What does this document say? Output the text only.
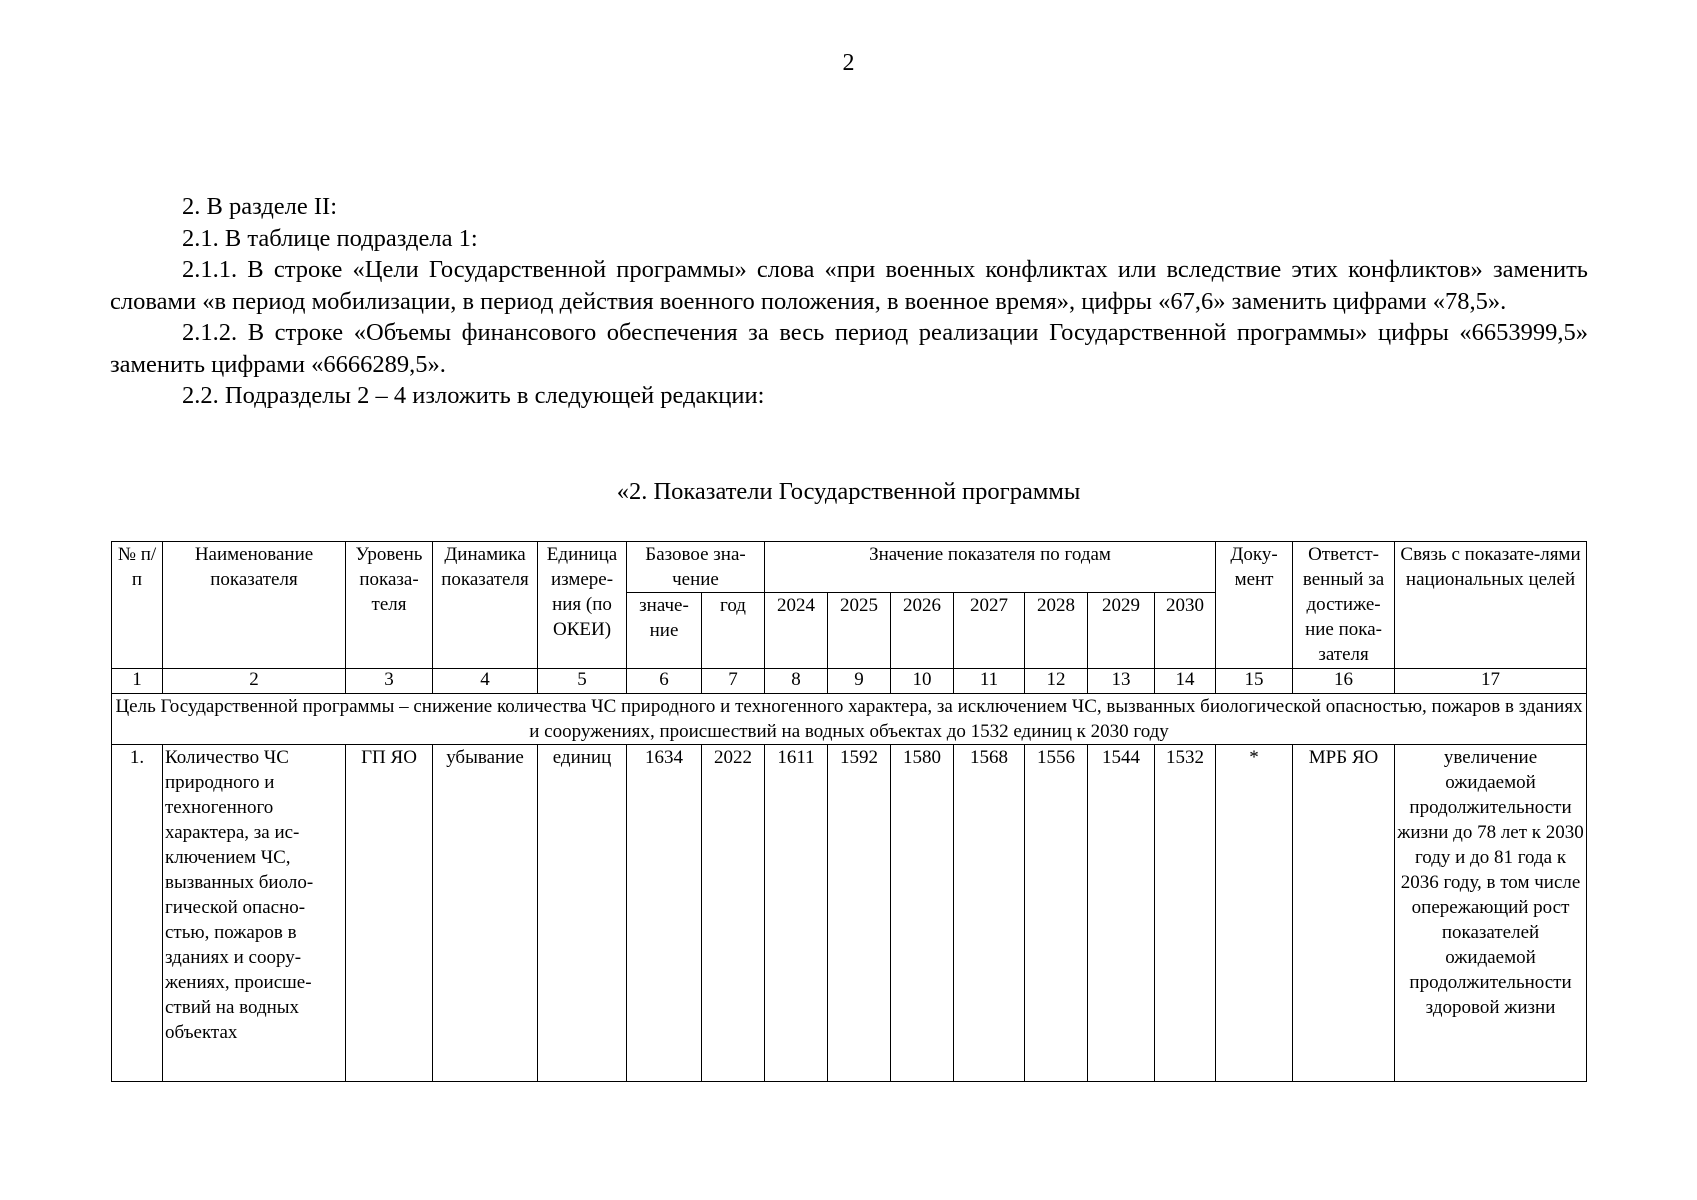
2

2. В разделе II:

2.1. В таблице подраздела 1:

2.1.1. В строке «Цели Государственной программы» слова «при военных конфликтах или вследствие этих конфликтов» заменить словами «в период мобилизации, в период действия военного положения, в военное время», цифры «67,6» заменить цифрами «78,5».

2.1.2. В строке «Объемы финансового обеспечения за весь период реализации Государственной программы» цифры «6653999,5» заменить цифрами «6666289,5».

2.2. Подразделы 2 – 4 изложить в следующей редакции:

«2. Показатели Государственной программы
№ п/п	Наименование показателя	Уровень показа-теля	Динамика показателя	Единица измере-ния (по ОКЕИ)	Базовое зна-чение		Значение показателя по годам							Доку-мент	Ответст-венный за достиже-ние пока-зателя	Связь с показате-лями национальных целей
					значе-ние	год	2024	2025	2026	2027	2028	2029	2030			
1	2	3	4	5	6	7	8	9	10	11	12	13	14	15	16	17
Цель Государственной программы – снижение количества ЧС природного и техногенного характера, за исключением ЧС, вызванных биологической опасностью, пожаров в зданиях и сооружениях, происшествий на водных объектах до 1532 единиц к 2030 году																
1.	Количество ЧС природного и техногенного характера, за ис-ключением ЧС, вызванных биоло-гической опасно-стью, пожаров в зданиях и соору-жениях, происше-ствий на водных объектах	ГП ЯО	убывание	единиц	1634	2022	1611	1592	1580	1568	1556	1544	1532	*	МРБ ЯО	увеличение ожидаемой продолжительности жизни до 78 лет к 2030 году и до 81 года к 2036 году, в том числе опережающий рост показателей ожидаемой продолжительности здоровой жизни
